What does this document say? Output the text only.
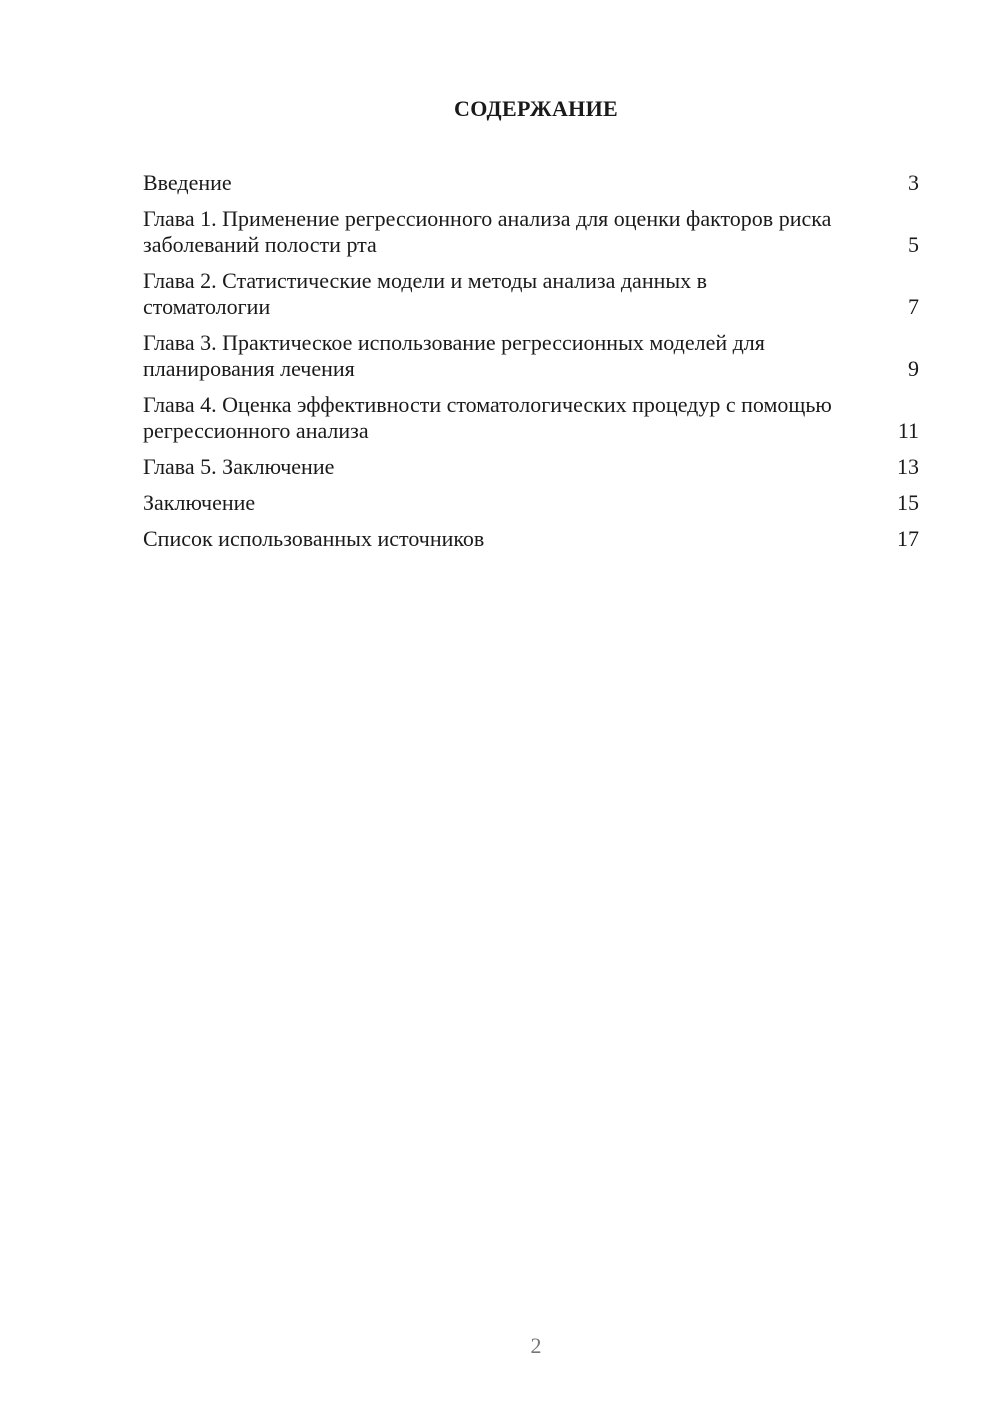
СОДЕРЖАНИЕ
Введение	3
Глава 1. Применение регрессионного анализа для оценки факторов риска заболеваний полости рта	5
Глава 2. Статистические модели и методы анализа данных в стоматологии	7
Глава 3. Практическое использование регрессионных моделей для планирования лечения	9
Глава 4. Оценка эффективности стоматологических процедур с помощью регрессионного анализа	11
Глава 5. Заключение	13
Заключение	15
Список использованных источников	17
2
